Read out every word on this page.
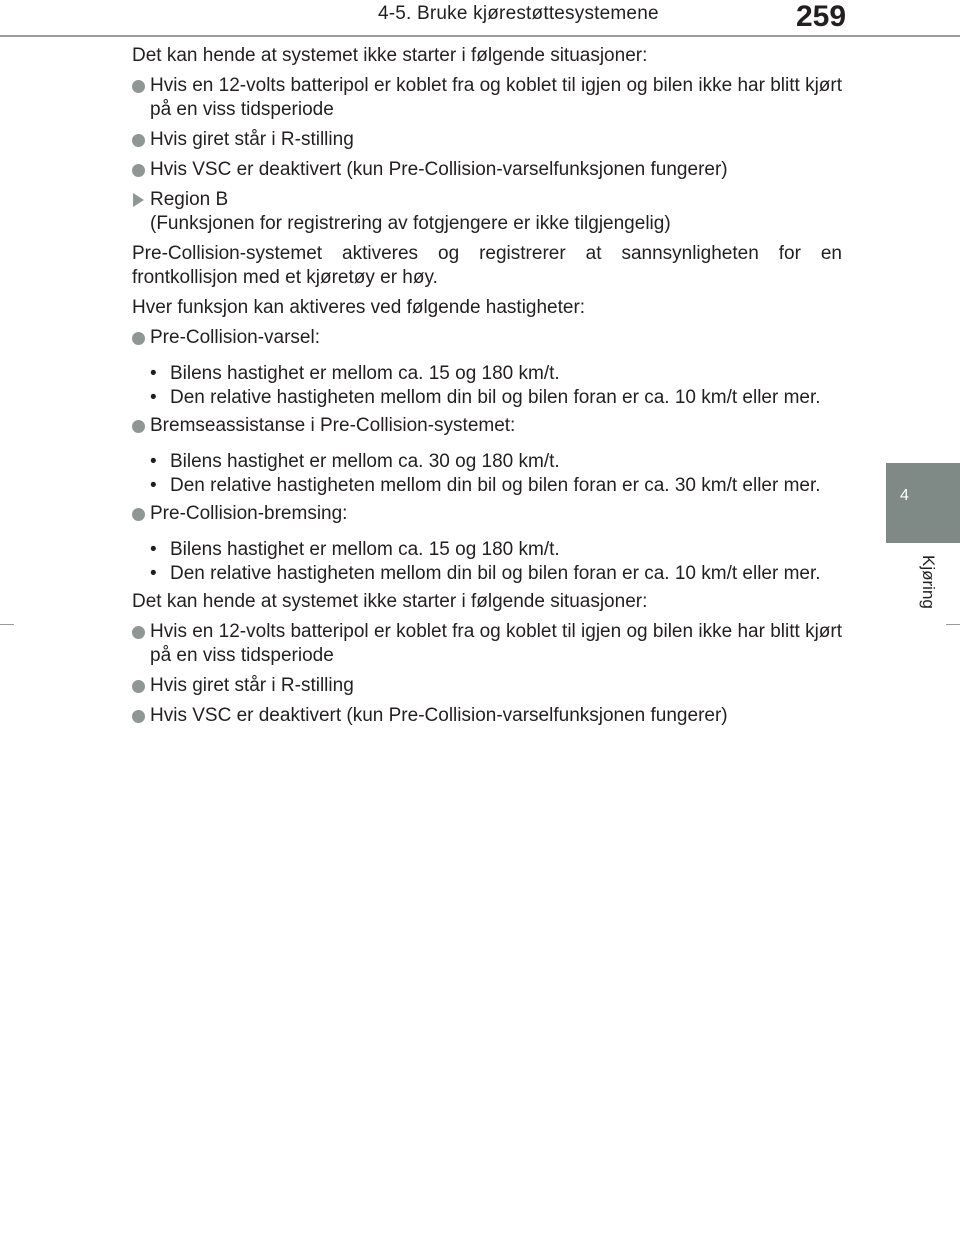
4-5. Bruke kjørestøttesystemene	259
4
Kjøring

Det kan hende at systemet ikke starter i følgende situasjoner:

Hvis en 12-volts batteripol er koblet fra og koblet til igjen og bilen ikke har blitt kjørt på en viss tidsperiode
Hvis giret står i R-stilling
Hvis VSC er deaktivert (kun Pre-Collision-varselfunksjonen fungerer)
Region B
(Funksjonen for registrering av fotgjengere er ikke tilgjengelig)

Pre-Collision-systemet aktiveres og registrerer at sannsynligheten for en frontkollisjon med et kjøretøy er høy.

Hver funksjon kan aktiveres ved følgende hastigheter:

Pre-Collision-varsel:
• Bilens hastighet er mellom ca. 15 og 180 km/t.
• Den relative hastigheten mellom din bil og bilen foran er ca. 10 km/t eller mer.
Bremseassistanse i Pre-Collision-systemet:
• Bilens hastighet er mellom ca. 30 og 180 km/t.
• Den relative hastigheten mellom din bil og bilen foran er ca. 30 km/t eller mer.
Pre-Collision-bremsing:
• Bilens hastighet er mellom ca. 15 og 180 km/t.
• Den relative hastigheten mellom din bil og bilen foran er ca. 10 km/t eller mer.

Det kan hende at systemet ikke starter i følgende situasjoner:

Hvis en 12-volts batteripol er koblet fra og koblet til igjen og bilen ikke har blitt kjørt på en viss tidsperiode
Hvis giret står i R-stilling
Hvis VSC er deaktivert (kun Pre-Collision-varselfunksjonen fungerer)
